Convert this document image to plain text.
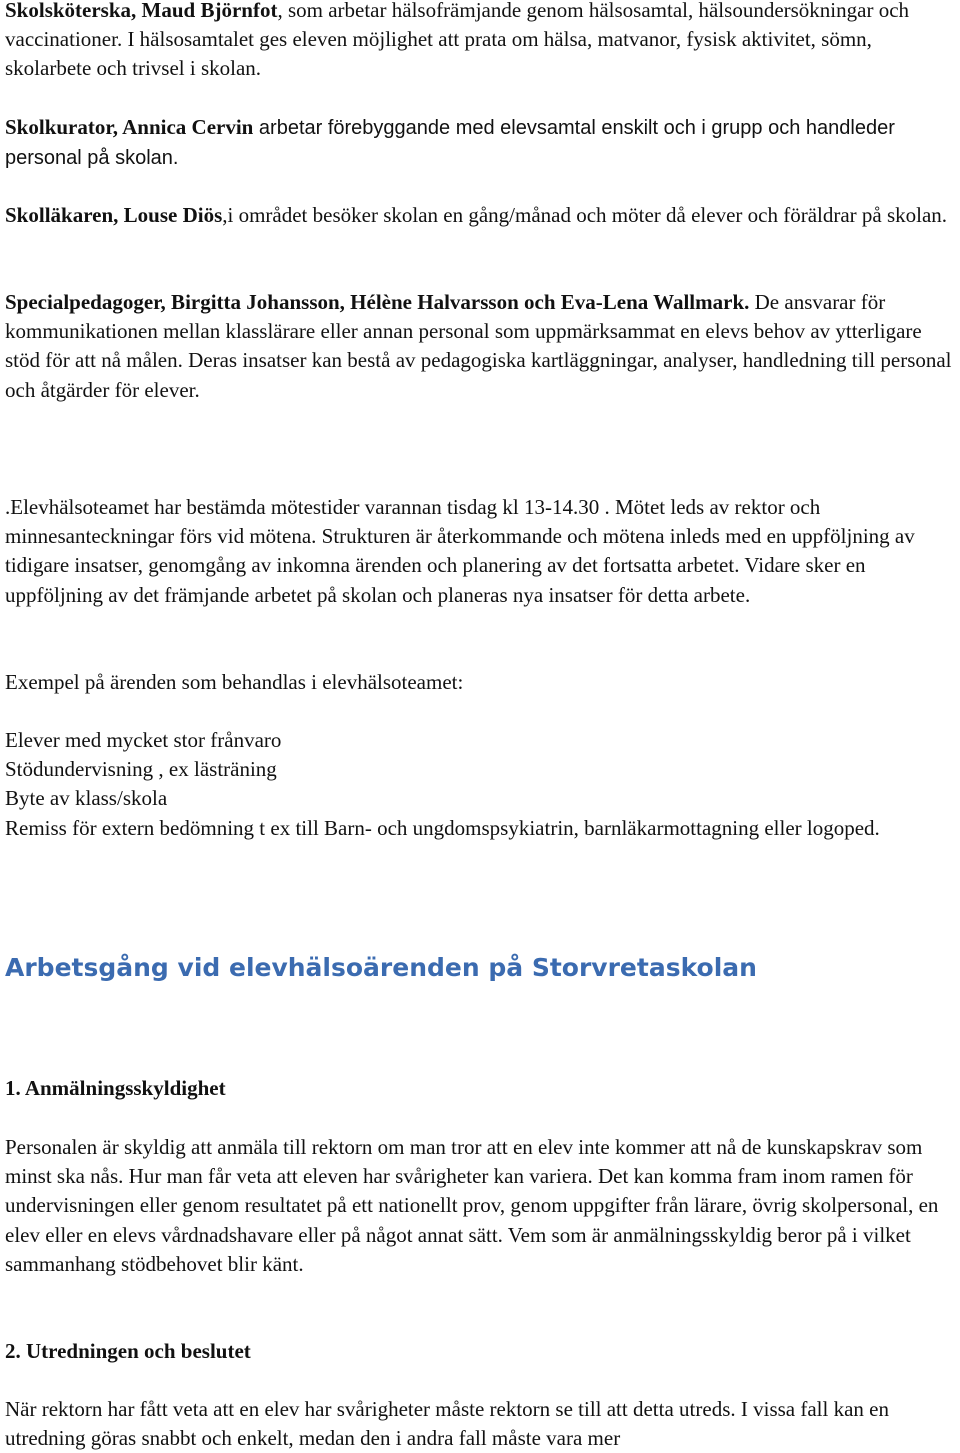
Skolsköterska, Maud Björnfot, som arbetar hälsofrämjande genom hälsosamtal, hälsoundersökningar och vaccinationer. I hälsosamtalet ges eleven möjlighet att prata om hälsa, matvanor, fysisk aktivitet, sömn, skolarbete och trivsel i skolan.

Skolkurator, Annica Cervin arbetar förebyggande med elevsamtal enskilt och i grupp och handleder personal på skolan.

Skolläkaren, Louse Diös,i området besöker skolan en gång/månad och möter då elever och föräldrar på skolan.

Specialpedagoger, Birgitta Johansson, Hélène Halvarsson och Eva-Lena Wallmark. De ansvarar för kommunikationen mellan klasslärare eller annan personal som uppmärksammat en elevs behov av ytterligare stöd för att nå målen. Deras insatser kan bestå av pedagogiska kartläggningar, analyser, handledning till personal och åtgärder för elever.

.Elevhälsoteamet har bestämda mötestider varannan tisdag kl 13-14.30 . Mötet leds av rektor och minnesanteckningar förs vid mötena. Strukturen är återkommande och mötena inleds med en uppföljning av tidigare insatser, genomgång av inkomna ärenden och planering av det fortsatta arbetet. Vidare sker en uppföljning av det främjande arbetet på skolan och planeras nya insatser för detta arbete.

Exempel på ärenden som behandlas i elevhälsoteamet:

Elever med mycket stor frånvaro
Stödundervisning , ex lästräning
Byte av klass/skola
Remiss för extern bedömning t ex till Barn- och ungdomspsykiatrin, barnläkarmottagning eller logoped.
Arbetsgång vid elevhälsoärenden på Storvretaskolan

1. Anmälningsskyldighet

Personalen är skyldig att anmäla till rektorn om man tror att en elev inte kommer att nå de kunskapskrav som minst ska nås. Hur man får veta att eleven har svårigheter kan variera. Det kan komma fram inom ramen för undervisningen eller genom resultatet på ett nationellt prov, genom uppgifter från lärare, övrig skolpersonal, en elev eller en elevs vårdnadshavare eller på något annat sätt. Vem som är anmälningsskyldig beror på i vilket sammanhang stödbehovet blir känt.

2. Utredningen och beslutet

När rektorn har fått veta att en elev har svårigheter måste rektorn se till att detta utreds. I vissa fall kan en utredning göras snabbt och enkelt, medan den i andra fall måste vara mer
